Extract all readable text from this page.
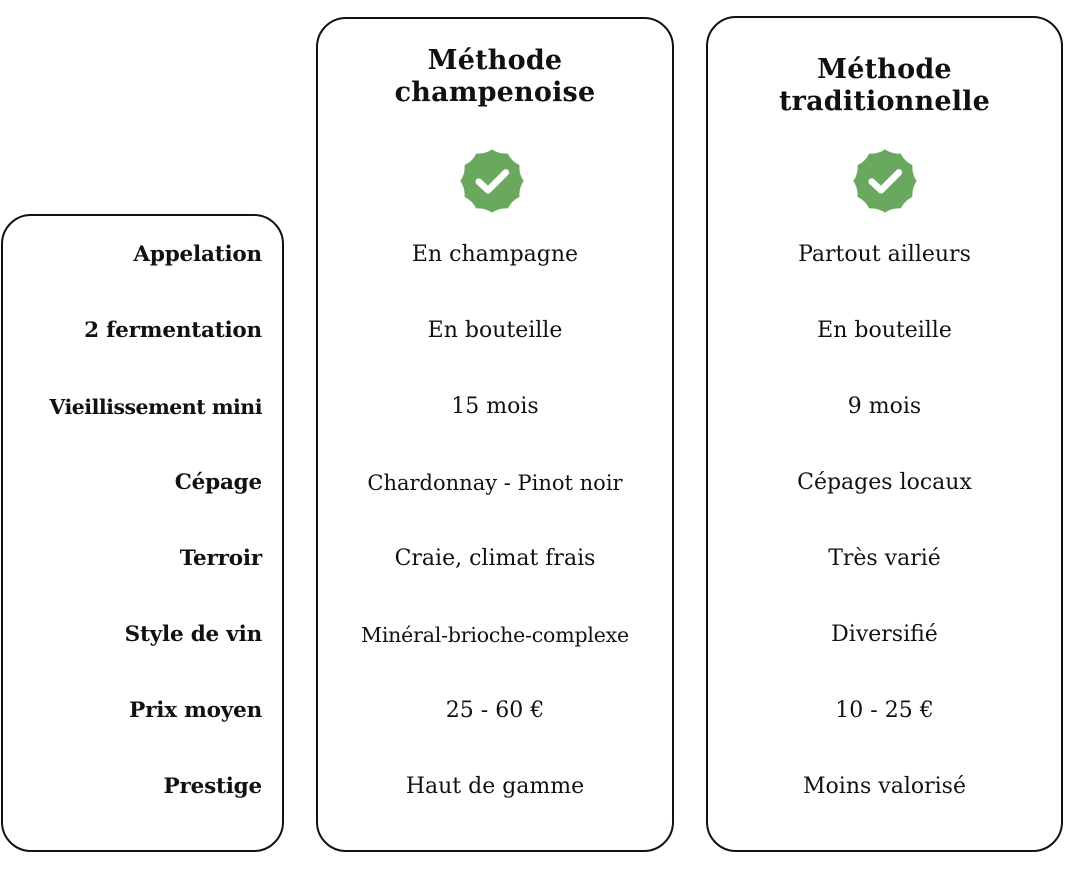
Appelation
2 fermentation
Vieillissement mini
Cépage
Terroir
Style de vin
Prix moyen
Prestige
Méthode
champenoise
En champagne
En bouteille
15 mois
Chardonnay - Pinot noir
Craie, climat frais
Minéral-brioche-complexe
25 - 60 €
Haut de gamme
Méthode
traditionnelle
Partout ailleurs
En bouteille
9 mois
Cépages locaux
Très varié
Diversifié
10 - 25 €
Moins valorisé
